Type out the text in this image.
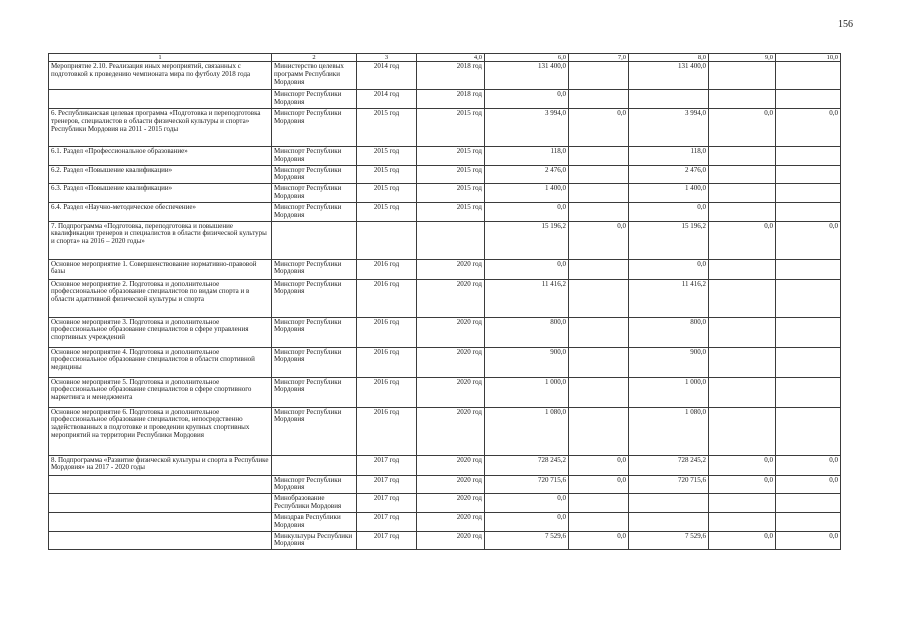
156
1	2	3	4,0	6,0	7,0	8,0	9,0	10,0
Мероприятие 2.10. Реализация иных мероприятий, связанных с подготовкой к проведению чемпионата мира по футболу 2018 года	Министерство целевых программ Республики Мордовия	2014 год	2018 год	131 400,0		131 400,0		
	Минспорт Республики Мордовия	2014 год	2018 год	0,0				
6. Республиканская целевая программа «Подготовка и переподготовка тренеров, специалистов в области физической культуры и спорта» Республики Мордовия на 2011 - 2015 годы	Минспорт Республики Мордовия	2015 год	2015 год	3 994,0	0,0	3 994,0	0,0	0,0
6.1. Раздел «Профессиональное образование»	Минспорт Республики Мордовия	2015 год	2015 год	118,0		118,0		
6.2. Раздел «Повышение квалификации»	Минспорт Республики Мордовия	2015 год	2015 год	2 476,0		2 476,0		
6.3. Раздел «Повышение квалификации»	Минспорт Республики Мордовия	2015 год	2015 год	1 400,0		1 400,0		
6.4. Раздел «Научно-методическое обеспечение»	Минспорт Республики Мордовия	2015 год	2015 год	0,0		0,0		
7. Подпрограмма «Подготовка, переподготовка и повышение квалификации тренеров и специалистов в области физической культуры и спорта» на 2016 – 2020 годы»				15 196,2	0,0	15 196,2	0,0	0,0
Основное мероприятие 1. Совершенствование нормативно-правовой базы	Минспорт Республики Мордовия	2016 год	2020 год	0,0		0,0		
Основное мероприятие 2. Подготовка и дополнительное профессиональное образование специалистов по видам спорта и в области адаптивной физической культуры и спорта	Минспорт Республики Мордовия	2016 год	2020 год	11 416,2		11 416,2		
Основное мероприятие 3. Подготовка и дополнительное профессиональное образование специалистов в сфере управления спортивных учреждений	Минспорт Республики Мордовия	2016 год	2020 год	800,0		800,0		
Основное мероприятие 4. Подготовка и дополнительное профессиональное образование специалистов в области спортивной медицины	Минспорт Республики Мордовия	2016 год	2020 год	900,0		900,0		
Основное мероприятие 5. Подготовка и дополнительное профессиональное образование специалистов в сфере спортивного маркетинга и менеджмента	Минспорт Республики Мордовия	2016 год	2020 год	1 000,0		1 000,0		
Основное мероприятие 6. Подготовка и дополнительное профессиональное образование специалистов, непосредственно задействованных в подготовке и проведении крупных спортивных мероприятий на территории Республики Мордовия	Минспорт Республики Мордовия	2016 год	2020 год	1 080,0		1 080,0		
8. Подпрограмма «Развитие физической культуры и спорта в Республике Мордовия» на 2017 - 2020 годы		2017 год	2020 год	728 245,2	0,0	728 245,2	0,0	0,0
	Минспорт Республики Мордовия	2017 год	2020 год	720 715,6	0,0	720 715,6	0,0	0,0
	Минобразование Республики Мордовия	2017 год	2020 год	0,0				
	Минздрав Республики Мордовия	2017 год	2020 год	0,0				
	Минкультуры Республики Мордовия	2017 год	2020 год	7 529,6	0,0	7 529,6	0,0	0,0
